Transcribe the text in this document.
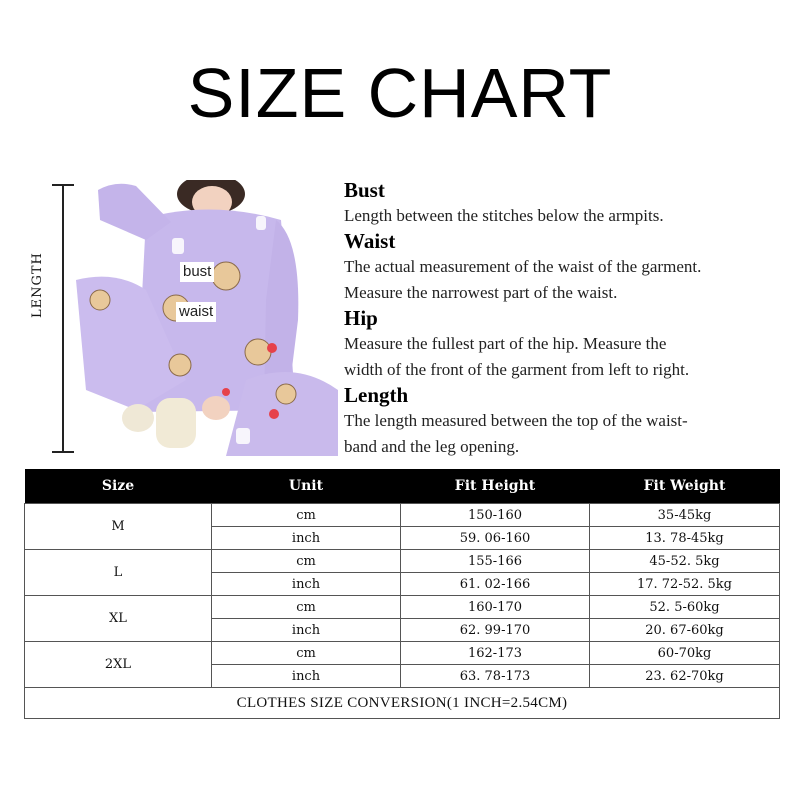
SIZE CHART
LENGTH	bust
waist
Bust
Length between the stitches below the armpits.
Waist
The actual measurement of the waist of the garment.
Measure the narrowest part of the waist.
Hip
Measure the fullest part of the hip. Measure the
width of the front of the garment from left to right.
Length
The length measured between the top of the waist-
band and the leg opening.
Size	Unit	Fit Height	Fit Weight
M	cm	150-160	35-45kg
	inch	59. 06-160	13. 78-45kg
L	cm	155-166	45-52. 5kg
	inch	61. 02-166	17. 72-52. 5kg
XL	cm	160-170	52. 5-60kg
	inch	62. 99-170	20. 67-60kg
2XL	cm	162-173	60-70kg
	inch	63. 78-173	23. 62-70kg
CLOTHES SIZE CONVERSION(1 INCH=2.54CM)			
